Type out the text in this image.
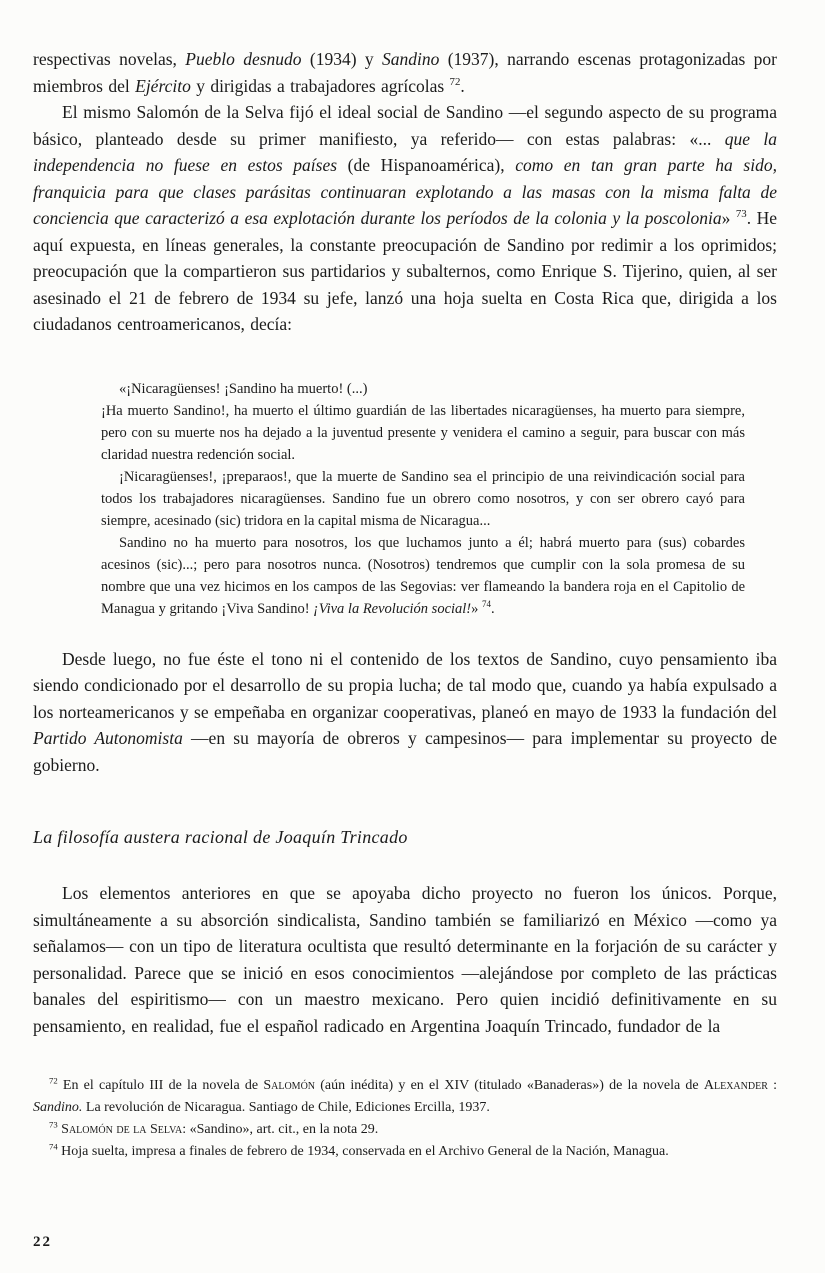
respectivas novelas, Pueblo desnudo (1934) y Sandino (1937), narrando escenas protagonizadas por miembros del Ejército y dirigidas a trabajadores agrícolas $^{72}$.

El mismo Salomón de la Selva fijó el ideal social de Sandino —el segundo aspecto de su programa básico, planteado desde su primer manifiesto, ya referido— con estas palabras: «... que la independencia no fuese en estos países (de Hispanoamérica), como en tan gran parte ha sido, franquicia para que clases parásitas continuaran explotando a las masas con la misma falta de conciencia que caracterizó a esa explotación durante los períodos de la colonia y la poscolonia» $^{73}$. He aquí expuesta, en líneas generales, la constante preocupación de Sandino por redimir a los oprimidos; preocupación que la compartieron sus partidarios y subalternos, como Enrique S. Tijerino, quien, al ser asesinado el 21 de febrero de 1934 su jefe, lanzó una hoja suelta en Costa Rica que, dirigida a los ciudadanos centroamericanos, decía:

«¡Nicaragüenses! ¡Sandino ha muerto! (...)

¡Ha muerto Sandino!, ha muerto el último guardián de las libertades nicaragüenses, ha muerto para siempre, pero con su muerte nos ha dejado a la juventud presente y venidera el camino a seguir, para buscar con más claridad nuestra redención social.

¡Nicaragüenses!, ¡preparaos!, que la muerte de Sandino sea el principio de una reivindicación social para todos los trabajadores nicaragüenses. Sandino fue un obrero como nosotros, y con ser obrero cayó para siempre, acesinado (sic) tridora en la capital misma de Nicaragua...

Sandino no ha muerto para nosotros, los que luchamos junto a él; habrá muerto para (sus) cobardes acesinos (sic)...; pero para nosotros nunca. (Nosotros) tendremos que cumplir con la sola promesa de su nombre que una vez hicimos en los campos de las Segovias: ver flameando la bandera roja en el Capitolio de Managua y gritando ¡Viva Sandino! ¡Viva la Revolución social!» $^{74}$.

Desde luego, no fue éste el tono ni el contenido de los textos de Sandino, cuyo pensamiento iba siendo condicionado por el desarrollo de su propia lucha; de tal modo que, cuando ya había expulsado a los norteamericanos y se empeñaba en organizar cooperativas, planeó en mayo de 1933 la fundación del Partido Autonomista —en su mayoría de obreros y campesinos— para implementar su proyecto de gobierno.

La filosofía austera racional de Joaquín Trincado

Los elementos anteriores en que se apoyaba dicho proyecto no fueron los únicos. Porque, simultáneamente a su absorción sindicalista, Sandino también se familiarizó en México —como ya señalamos— con un tipo de literatura ocultista que resultó determinante en la forjación de su carácter y personalidad. Parece que se inició en esos conocimientos —alejándose por completo de las prácticas banales del espiritismo— con un maestro mexicano. Pero quien incidió definitivamente en su pensamiento, en realidad, fue el español radicado en Argentina Joaquín Trincado, fundador de la

$^{72}$ En el capítulo III de la novela de Salomón (aún inédita) y en el XIV (titulado «Banaderas») de la novela de Alexander : Sandino. La revolución de Nicaragua. Santiago de Chile, Ediciones Ercilla, 1937.

$^{73}$ Salomón de la Selva: «Sandino», art. cit., en la nota 29.

$^{74}$ Hoja suelta, impresa a finales de febrero de 1934, conservada en el Archivo General de la Nación, Managua.

22
